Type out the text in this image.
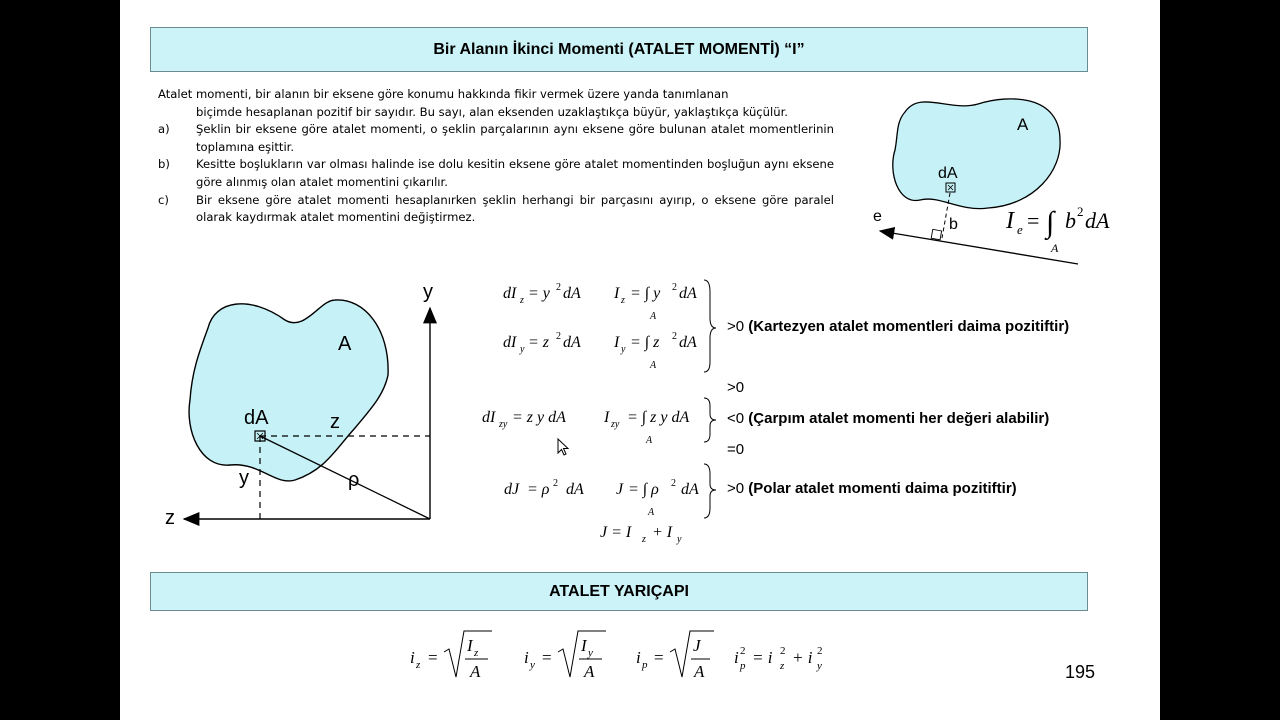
Bir Alanın İkinci Momenti (ATALET MOMENTİ) “I”
Atalet momenti, bir alanın bir eksene göre konumu hakkında fikir vermek üzere yanda tanımlanan
biçimde hesaplanan pozitif bir sayıdır. Bu sayı, alan eksenden uzaklaştıkça büyür, yaklaştıkça küçülür.
a)	Şeklin bir eksene göre atalet momenti, o şeklin parçalarının aynı eksene göre bulunan atalet momentlerinin toplamına eşittir.
b)	Kesitte boşlukların var olması halinde ise dolu kesitin eksene göre atalet momentinden boşluğun aynı eksene göre alınmış olan atalet momentini çıkarılır.
c)	Bir eksene göre atalet momenti hesaplanırken şeklin herhangi bir parçasını ayırıp, o eksene göre paralel olarak kaydırmak atalet momentini değiştirmez.
A
dA
e	b I e = ∫ b 2 dA
A
A
dA
y
z
z
y	ρ
dI z = y 2 dA I z = ∫ y 2 dA
A
dI y = z 2 dA I y = ∫ z 2 dA
A
dI zy = z y dA I zy = ∫ z y dA
A
dJ = ρ 2 dA J = ∫ ρ 2 dA
A
J = I z + I y
i z =
I z
A
i y =
I y
A
i p =
J
A
i p
2 = i z
2 + i y
2
>0 (Kartezyen atalet momentleri daima pozitiftir)
>0
<0 (Çarpım atalet momenti her değeri alabilir)
=0
>0 (Polar atalet momenti daima pozitiftir)
ATALET YARIÇAPI
195
